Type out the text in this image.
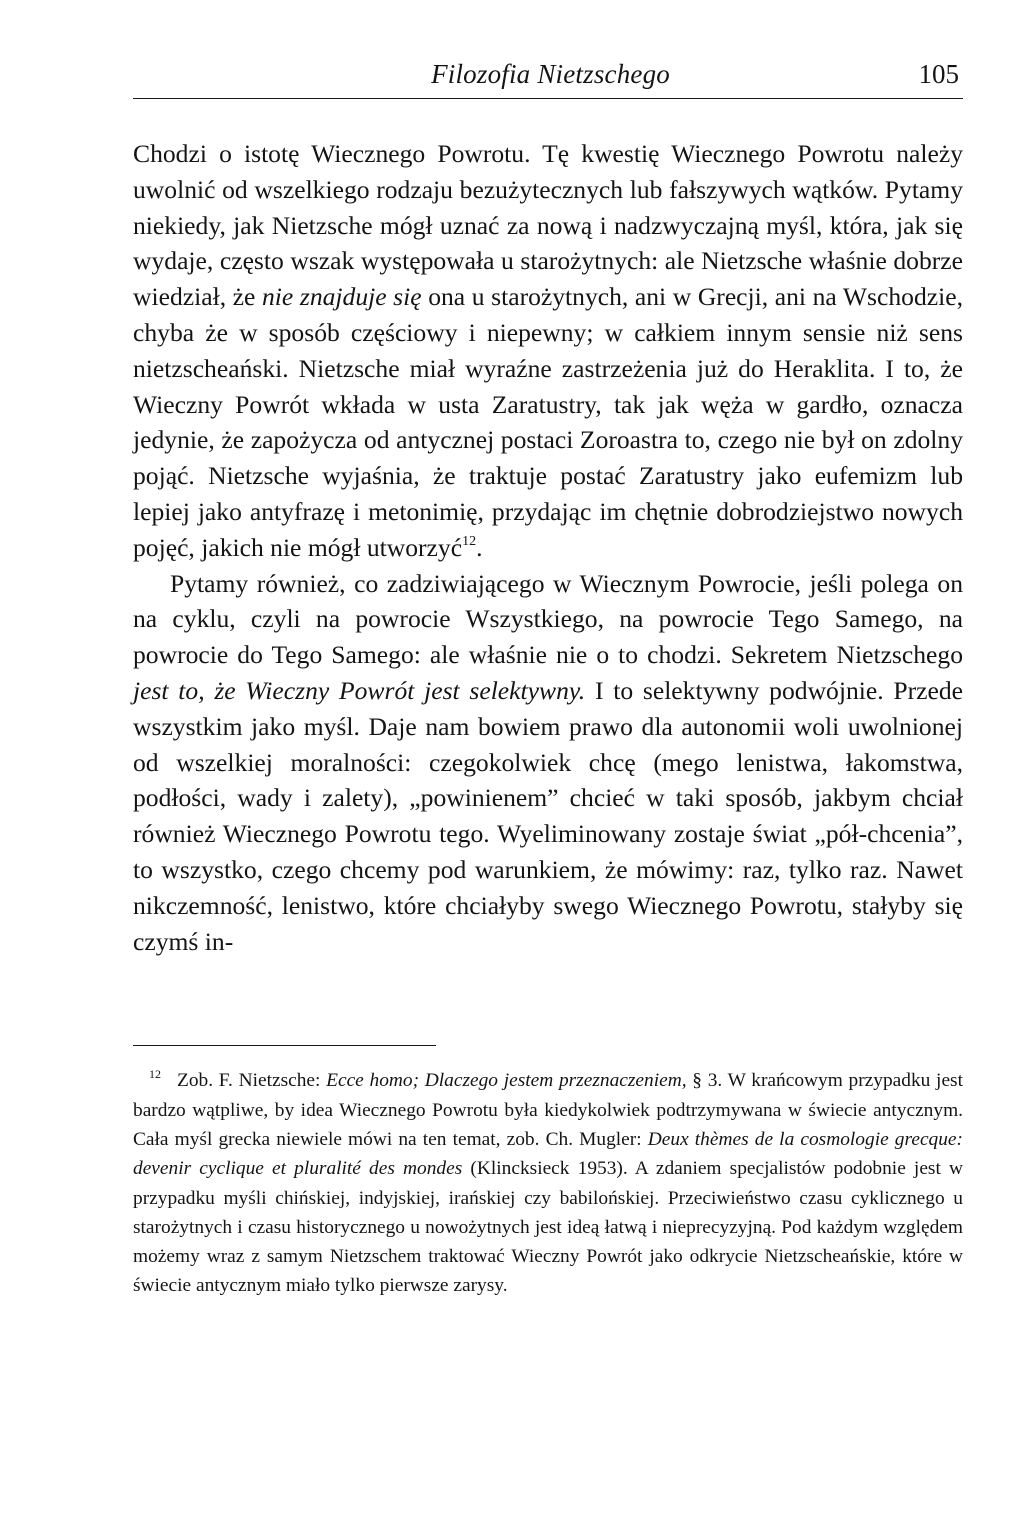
Filozofia Nietzschego	105

Chodzi o istotę Wiecznego Powrotu. Tę kwestię Wiecznego Powrotu należy uwolnić od wszelkiego rodzaju bezużytecznych lub fałszywych wątków. Pytamy niekiedy, jak Nietzsche mógł uznać za nową i nadzwyczajną myśl, która, jak się wydaje, często wszak występowała u starożytnych: ale Nietzsche właśnie dobrze wiedział, że nie znajduje się ona u starożytnych, ani w Grecji, ani na Wschodzie, chyba że w sposób częściowy i niepewny; w całkiem innym sensie niż sens nietzscheański. Nietzsche miał wyraźne zastrzeżenia już do Heraklita. I to, że Wieczny Powrót wkłada w usta Zaratustry, tak jak węża w gardło, oznacza jedynie, że zapożycza od antycznej postaci Zoroastra to, czego nie był on zdolny pojąć. Nietzsche wyjaśnia, że traktuje postać Zaratustry jako eufemizm lub lepiej jako antyfrazę i metonimię, przydając im chętnie dobrodziejstwo nowych pojęć, jakich nie mógł utworzyć$^{12}$.

Pytamy również, co zadziwiającego w Wiecznym Powrocie, jeśli polega on na cyklu, czyli na powrocie Wszystkiego, na powrocie Tego Samego, na powrocie do Tego Samego: ale właśnie nie o to chodzi. Sekretem Nietzschego jest to, że Wieczny Powrót jest selektywny. I to selektywny podwójnie. Przede wszystkim jako myśl. Daje nam bowiem prawo dla autonomii woli uwolnionej od wszelkiej moralności: czegokolwiek chcę (mego lenistwa, łakomstwa, podłości, wady i zalety), „powinienem” chcieć w taki sposób, jakbym chciał również Wiecznego Powrotu tego. Wyeliminowany zostaje świat „pół-chcenia”, to wszystko, czego chcemy pod warunkiem, że mówimy: raz, tylko raz. Nawet nikczemność, lenistwo, które chciałyby swego Wiecznego Powrotu, stałyby się czymś in-

$^{12}$ Zob. F. Nietzsche: Ecce homo; Dlaczego jestem przeznaczeniem, § 3. W krańcowym przypadku jest bardzo wątpliwe, by idea Wiecznego Powrotu była kiedykolwiek podtrzymywana w świecie antycznym. Cała myśl grecka niewiele mówi na ten temat, zob. Ch. Mugler: Deux thèmes de la cosmologie grecque: devenir cyclique et pluralité des mondes (Klincksieck 1953). A zdaniem specjalistów podobnie jest w przypadku myśli chińskiej, indyjskiej, irańskiej czy babilońskiej. Przeciwieństwo czasu cyklicznego u starożytnych i czasu historycznego u nowożytnych jest ideą łatwą i nieprecyzyjną. Pod każdym względem możemy wraz z samym Nietzschem traktować Wieczny Powrót jako odkrycie Nietzscheańskie, które w świecie antycznym miało tylko pierwsze zarysy.
